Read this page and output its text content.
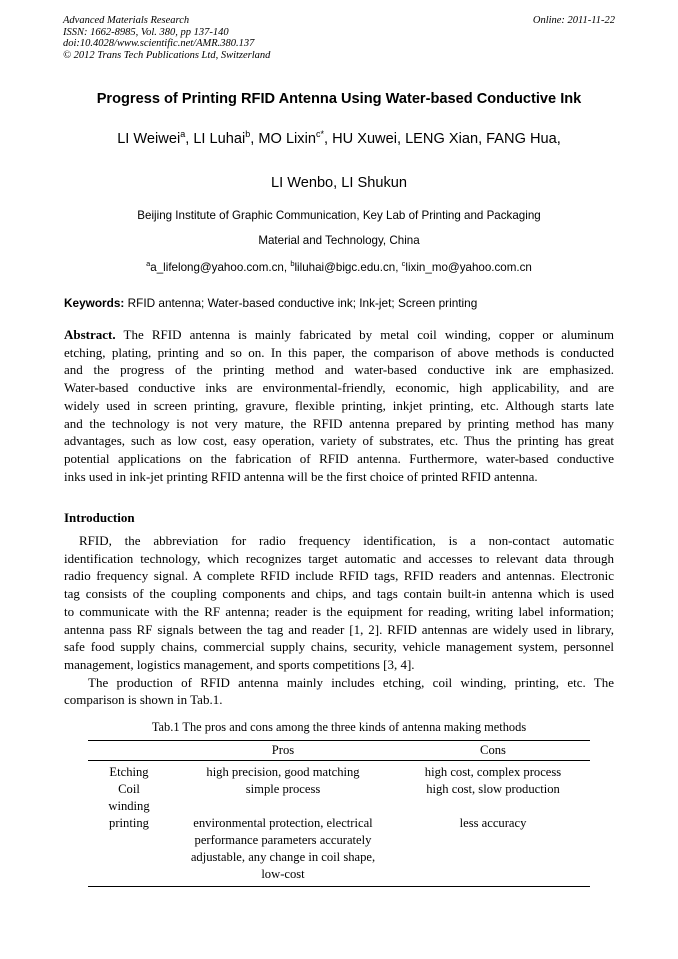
Advanced Materials Research
ISSN: 1662-8985, Vol. 380, pp 137-140
doi:10.4028/www.scientific.net/AMR.380.137
© 2012 Trans Tech Publications Ltd, Switzerland
Online: 2011-11-22
Progress of Printing RFID Antenna Using Water-based Conductive Ink
LI Weiwei$^a$, LI Luhai$^b$, MO Lixin$^{c*}$, HU Xuwei, LENG Xian, FANG Hua,
LI Wenbo, LI Shukun
Beijing Institute of Graphic Communication, Key Lab of Printing and Packaging
Material and Technology, China
$^a$a_lifelong@yahoo.com.cn, $^b$liluhai@bigc.edu.cn, $^c$lixin_mo@yahoo.com.cn
Keywords: RFID antenna; Water-based conductive ink; Ink-jet; Screen printing
Abstract. The RFID antenna is mainly fabricated by metal coil winding, copper or aluminum
etching, plating, printing and so on. In this paper, the comparison of above methods is conducted
and the progress of the printing method and water-based conductive ink are emphasized.
Water-based conductive inks are environmental-friendly, economic, high applicability, and are
widely used in screen printing, gravure, flexible printing, inkjet printing, etc. Although starts late
and the technology is not very mature, the RFID antenna prepared by printing method has many
advantages, such as low cost, easy operation, variety of substrates, etc. Thus the printing has great
potential applications on the fabrication of RFID antenna. Furthermore, water-based conductive
inks used in ink-jet printing RFID antenna will be the first choice of printed RFID antenna.
Introduction
RFID, the abbreviation for radio frequency identification, is a non-contact automatic
identification technology, which recognizes target automatic and accesses to relevant data through
radio frequency signal. A complete RFID include RFID tags, RFID readers and antennas. Electronic
tag consists of the coupling components and chips, and tags contain built-in antenna which is used
to communicate with the RF antenna; reader is the equipment for reading, writing label information;
antenna pass RF signals between the tag and reader [1, 2]. RFID antennas are widely used in library,
safe food supply chains, commercial supply chains, security, vehicle management system, personnel
management, logistics management, and sports competitions [3, 4].
The production of RFID antenna mainly includes etching, coil winding, printing, etc. The
comparison is shown in Tab.1.
Tab.1 The pros and cons among the three kinds of antenna making methods
	Pros	Cons
Etching	high precision, good matching	high cost, complex process
Coil winding	simple process	high cost, slow production
printing	environmental protection, electrical performance parameters accurately adjustable, any change in coil shape, low-cost	less accuracy
